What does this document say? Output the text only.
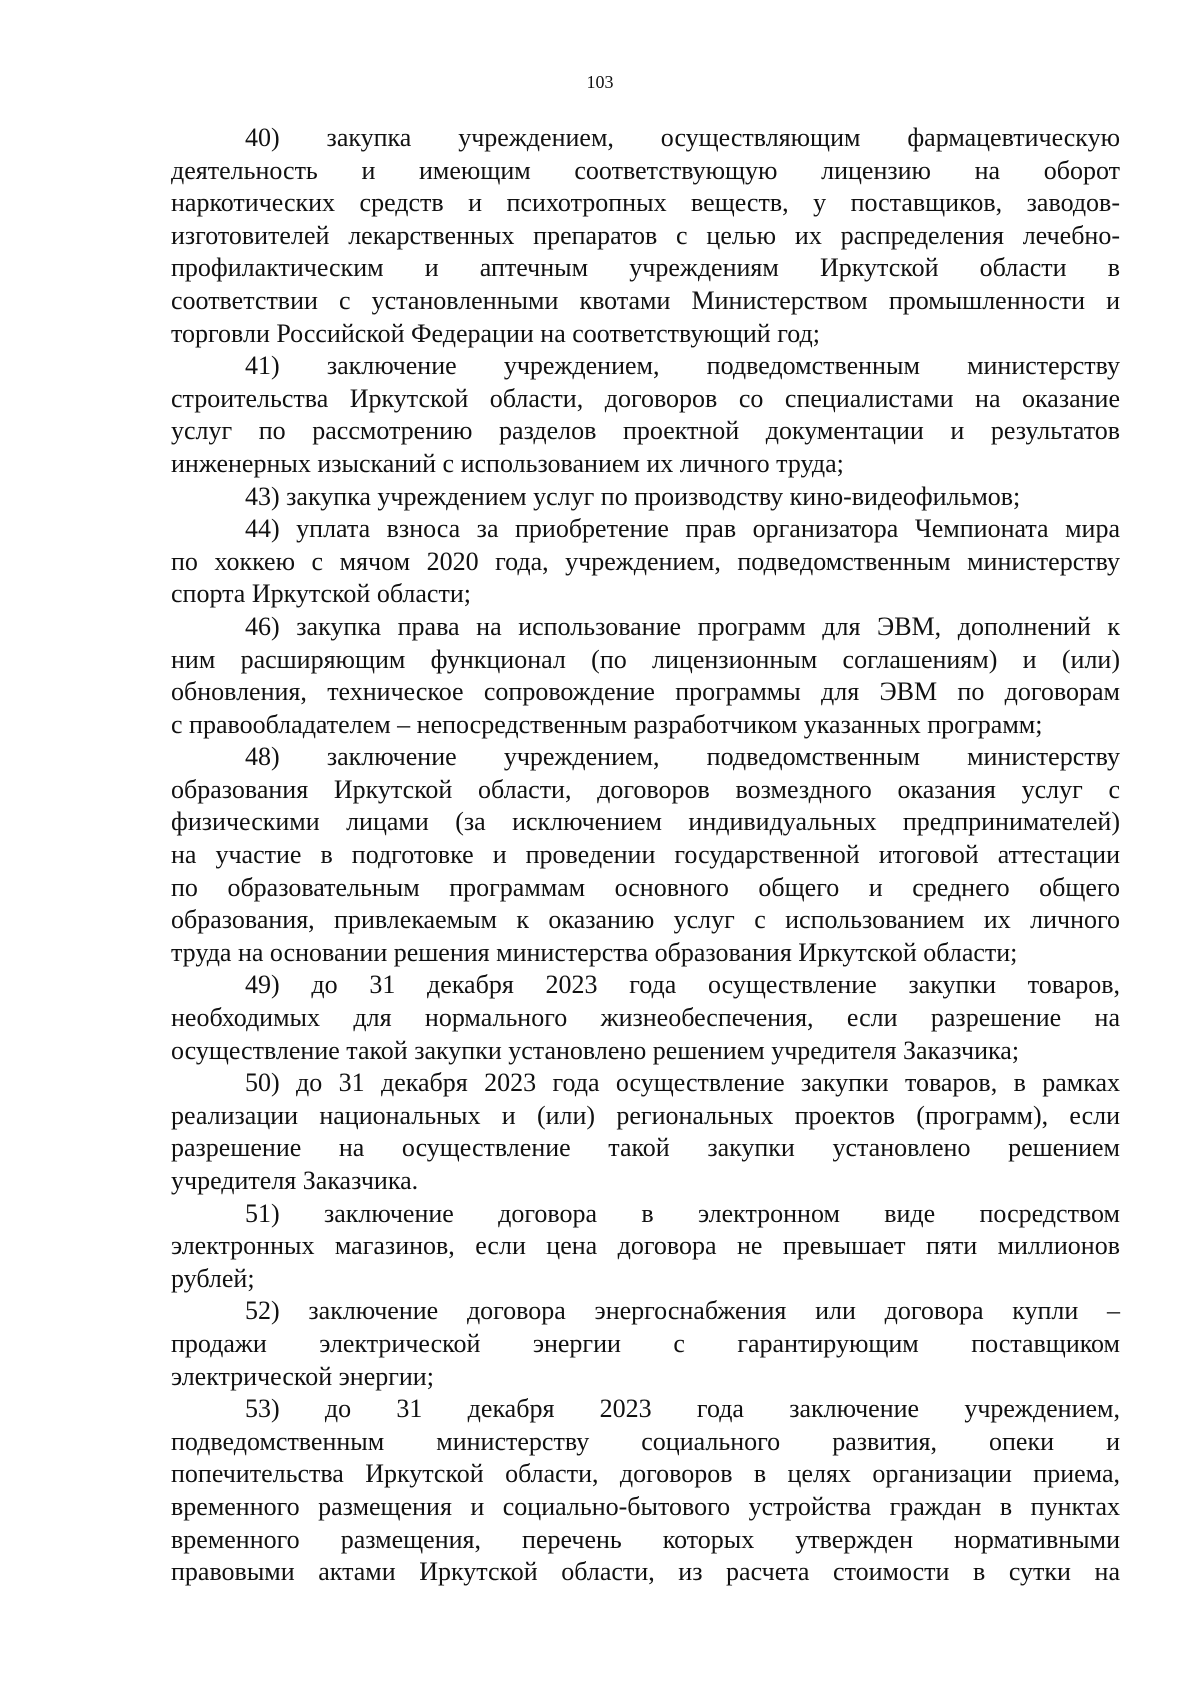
103
40) закупка учреждением, осуществляющим фармацевтическую
деятельность и имеющим соответствующую лицензию на оборот
наркотических средств и психотропных веществ, у поставщиков, заводов-
изготовителей лекарственных препаратов с целью их распределения лечебно-
профилактическим и аптечным учреждениям Иркутской области в
соответствии с установленными квотами Министерством промышленности и
торговли Российской Федерации на соответствующий год;
41) заключение учреждением, подведомственным министерству
строительства Иркутской области, договоров со специалистами на оказание
услуг по рассмотрению разделов проектной документации и результатов
инженерных изысканий с использованием их личного труда;
43) закупка учреждением услуг по производству кино-видеофильмов;
44) уплата взноса за приобретение прав организатора Чемпионата мира
по хоккею с мячом 2020 года, учреждением, подведомственным министерству
спорта Иркутской области;
46) закупка права на использование программ для ЭВМ, дополнений к
ним расширяющим функционал (по лицензионным соглашениям) и (или)
обновления, техническое сопровождение программы для ЭВМ по договорам
с правообладателем – непосредственным разработчиком указанных программ;
48) заключение учреждением, подведомственным министерству
образования Иркутской области, договоров возмездного оказания услуг с
физическими лицами (за исключением индивидуальных предпринимателей)
на участие в подготовке и проведении государственной итоговой аттестации
по образовательным программам основного общего и среднего общего
образования, привлекаемым к оказанию услуг с использованием их личного
труда на основании решения министерства образования Иркутской области;
49) до 31 декабря 2023 года осуществление закупки товаров,
необходимых для нормального жизнеобеспечения, если разрешение на
осуществление такой закупки установлено решением учредителя Заказчика;
50) до 31 декабря 2023 года осуществление закупки товаров, в рамках
реализации национальных и (или) региональных проектов (программ), если
разрешение на осуществление такой закупки установлено решением
учредителя Заказчика.
51) заключение договора в электронном виде посредством
электронных магазинов, если цена договора не превышает пяти миллионов
рублей;
52) заключение договора энергоснабжения или договора купли –
продажи электрической энергии с гарантирующим поставщиком
электрической энергии;
53) до 31 декабря 2023 года заключение учреждением,
подведомственным министерству социального развития, опеки и
попечительства Иркутской области, договоров в целях организации приема,
временного размещения и социально-бытового устройства граждан в пунктах
временного размещения, перечень которых утвержден нормативными
правовыми актами Иркутской области, из расчета стоимости в сутки на
